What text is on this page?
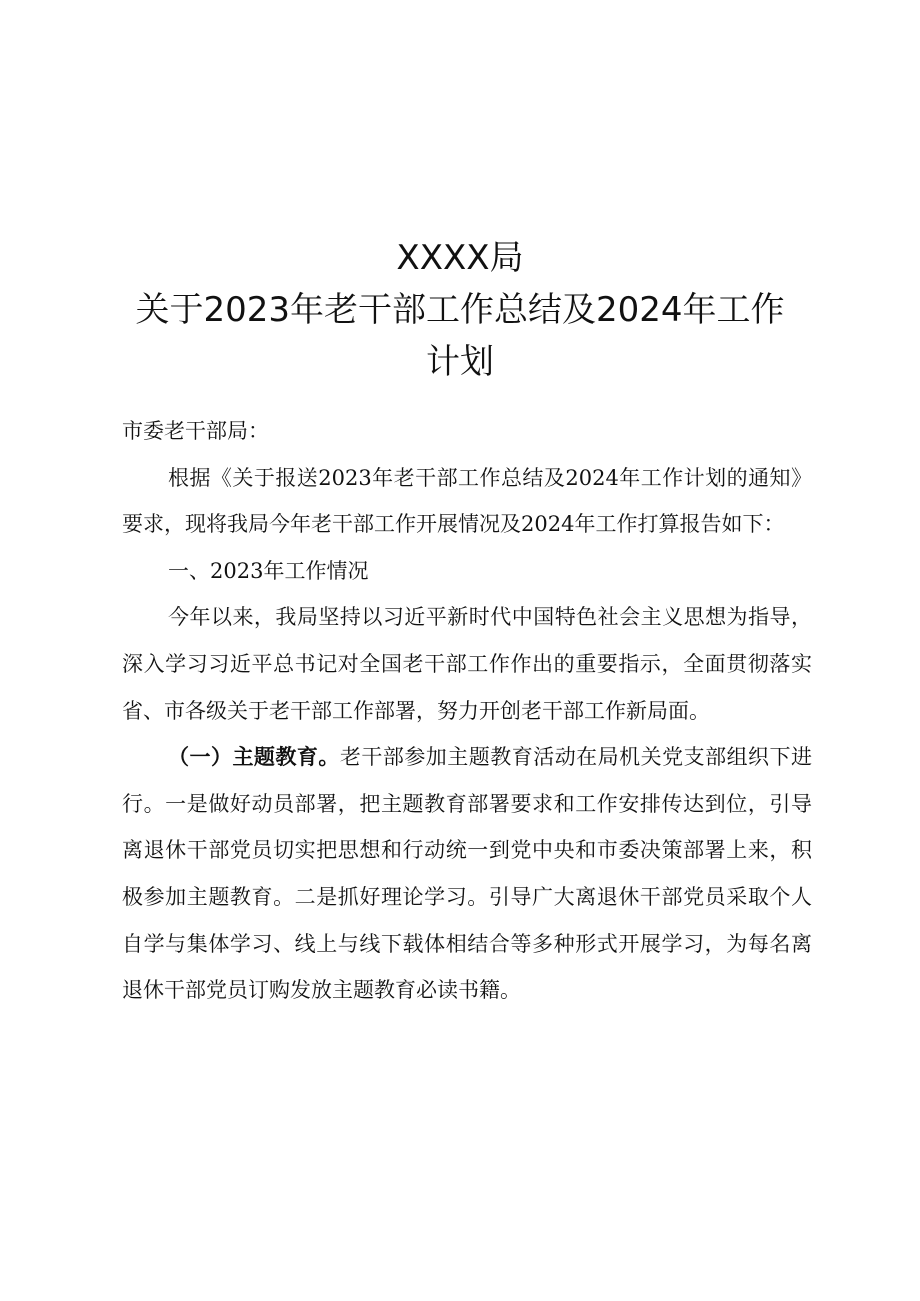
XXXX局
关于2023年老干部工作总结及2024年工作
计划

市委老干部局：

根据《关于报送2023年老干部工作总结及2024年工作计划的通知》要求，现将我局今年老干部工作开展情况及2024年工作打算报告如下：

一、2023年工作情况

今年以来，我局坚持以习近平新时代中国特色社会主义思想为指导，深入学习习近平总书记对全国老干部工作作出的重要指示，全面贯彻落实省、市各级关于老干部工作部署，努力开创老干部工作新局面。

（一）主题教育。老干部参加主题教育活动在局机关党支部组织下进行。一是做好动员部署，把主题教育部署要求和工作安排传达到位，引导离退休干部党员切实把思想和行动统一到党中央和市委决策部署上来，积极参加主题教育。二是抓好理论学习。引导广大离退休干部党员采取个人自学与集体学习、线上与线下载体相结合等多种形式开展学习，为每名离退休干部党员订购发放主题教育必读书籍。
